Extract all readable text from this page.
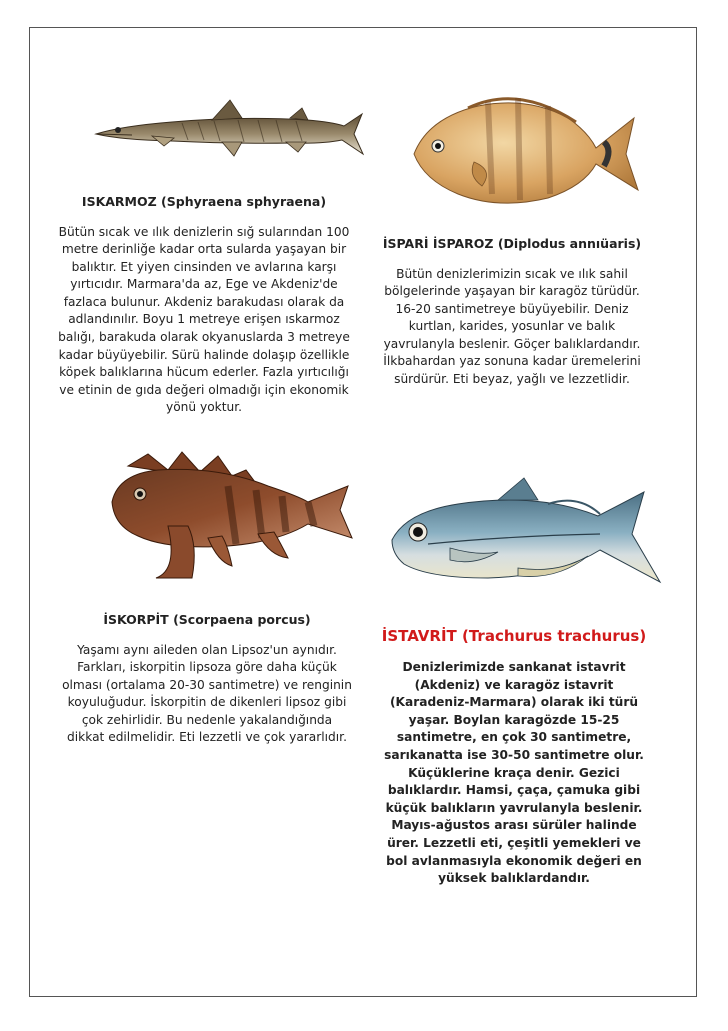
ISKARMOZ (Sphyraena sphyraena)
Bütün sıcak ve ılık denizlerin sığ sularından 100 metre derinliğe kadar orta sularda yaşayan bir balıktır. Et yiyen cinsinden ve avlarına karşı yırtıcıdır. Marmara'da az, Ege ve Akdeniz'de fazlaca bulunur. Akdeniz barakudası olarak da adlandınılır. Boyu 1 metreye erişen ıskarmoz balığı, barakuda olarak okyanuslarda 3 metreye kadar büyüyebilir. Sürü halinde dolaşıp özellikle köpek balıklarına hücum ederler. Fazla yırtıcılığı ve etinin de gıda değeri olmadığı için ekonomik yönü yoktur.
İSPARİ İSPAROZ (Diplodus annıüaris)
Bütün denizlerimizin sıcak ve ılık sahil bölgelerinde yaşayan bir karagöz türüdür. 16-20 santimetreye büyüyebilir. Deniz kurtlan, karides, yosunlar ve balık yavrulanyla beslenir. Göçer balıklardandır. İlkbahardan yaz sonuna kadar üremelerini sürdürür. Eti beyaz, yağlı ve lezzetlidir.
İSKORPİT (Scorpaena porcus)
Yaşamı aynı aileden olan Lipsoz'un aynıdır. Farkları, iskorpitin lipsoza göre daha küçük olması (ortalama 20-30 santimetre) ve renginin koyuluğudur. İskorpitin de dikenleri lipsoz gibi çok zehirlidir. Bu nedenle yakalandığında dikkat edilmelidir. Eti lezzetli ve çok yararlıdır.
İSTAVRİT (Trachurus trachurus)
Denizlerimizde sankanat istavrit (Akdeniz) ve karagöz istavrit (Karadeniz-Marmara) olarak iki türü yaşar. Boylan karagözde 15-25 santimetre, en çok 30 santimetre, sarıkanatta ise 30-50 santimetre olur. Küçüklerine kraça denir. Gezici balıklardır. Hamsi, çaça, çamuka gibi küçük balıkların yavrulanyla beslenir. Mayıs-ağustos arası sürüler halinde ürer. Lezzetli eti, çeşitli yemekleri ve bol avlanmasıyla ekonomik değeri en yüksek balıklardandır.
